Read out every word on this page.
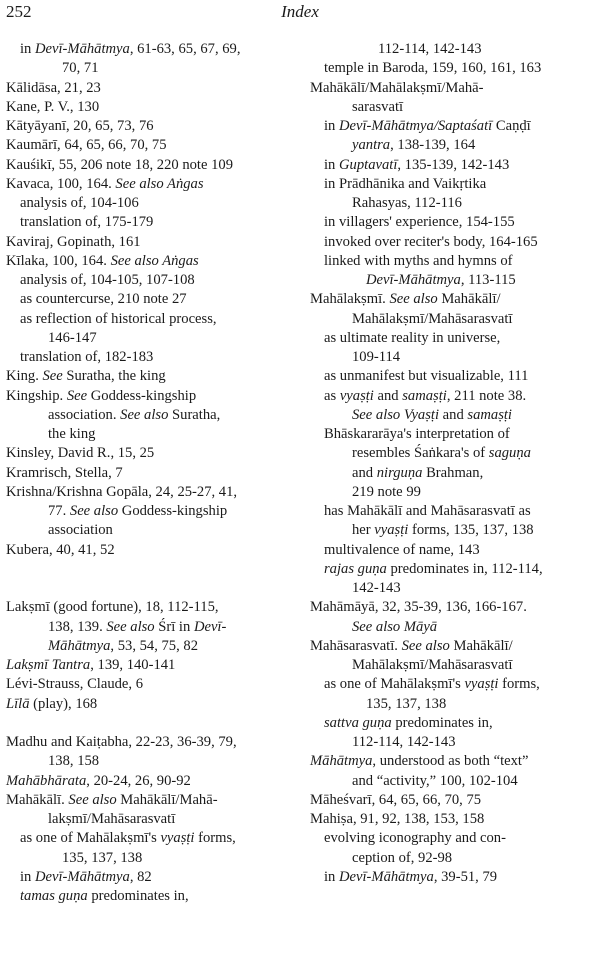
252	Index
in Devī-Māhātmya, 61-63, 65, 67, 69,
70, 71
Kālidāsa, 21, 23
Kane, P. V., 130
Kātyāyanī, 20, 65, 73, 76
Kaumārī, 64, 65, 66, 70, 75
Kauśikī, 55, 206 note 18, 220 note 109
Kavaca, 100, 164. See also Aṅgas
analysis of, 104-106
translation of, 175-179
Kaviraj, Gopinath, 161
Kīlaka, 100, 164. See also Aṅgas
analysis of, 104-105, 107-108
as countercurse, 210 note 27
as reflection of historical process,
146-147
translation of, 182-183
King. See Suratha, the king
Kingship. See Goddess-kingship
association. See also Suratha,
the king
Kinsley, David R., 15, 25
Kramrisch, Stella, 7
Krishna/Krishna Gopāla, 24, 25-27, 41,
77. See also Goddess-kingship
association
Kubera, 40, 41, 52
Lakṣmī (good fortune), 18, 112-115,
138, 139. See also Śrī in Devī-
Māhātmya, 53, 54, 75, 82
Lakṣmī Tantra, 139, 140-141
Lévi-Strauss, Claude, 6
Līlā (play), 168
Madhu and Kaiṭabha, 22-23, 36-39, 79,
138, 158
Mahābhārata, 20-24, 26, 90-92
Mahākālī. See also Mahākālī/Mahā-
lakṣmī/Mahāsarasvatī
as one of Mahālakṣmī's vyaṣṭi forms,
135, 137, 138
in Devī-Māhātmya, 82
tamas guṇa predominates in,
112-114, 142-143
temple in Baroda, 159, 160, 161, 163
Mahākālī/Mahālakṣmī/Mahā-
sarasvatī
in Devī-Māhātmya/Saptaśatī Caṇḍī
yantra, 138-139, 164
in Guptavatī, 135-139, 142-143
in Prādhānika and Vaikṛtika
Rahasyas, 112-116
in villagers' experience, 154-155
invoked over reciter's body, 164-165
linked with myths and hymns of
Devī-Māhātmya, 113-115
Mahālakṣmī. See also Mahākālī/
Mahālakṣmī/Mahāsarasvatī
as ultimate reality in universe,
109-114
as unmanifest but visualizable, 111
as vyaṣṭi and samaṣṭi, 211 note 38.
See also Vyaṣṭi and samaṣṭi
Bhāskararāya's interpretation of
resembles Śaṅkara's of saguṇa
and nirguṇa Brahman,
219 note 99
has Mahākālī and Mahāsarasvatī as
her vyaṣṭi forms, 135, 137, 138
multivalence of name, 143
rajas guṇa predominates in, 112-114,
142-143
Mahāmāyā, 32, 35-39, 136, 166-167.
See also Māyā
Mahāsarasvatī. See also Mahākālī/
Mahālakṣmī/Mahāsarasvatī
as one of Mahālakṣmī's vyaṣṭi forms,
135, 137, 138
sattva guṇa predominates in,
112-114, 142-143
Māhātmya, understood as both “text”
and “activity,” 100, 102-104
Māheśvarī, 64, 65, 66, 70, 75
Mahiṣa, 91, 92, 138, 153, 158
evolving iconography and con-
ception of, 92-98
in Devī-Māhātmya, 39-51, 79
